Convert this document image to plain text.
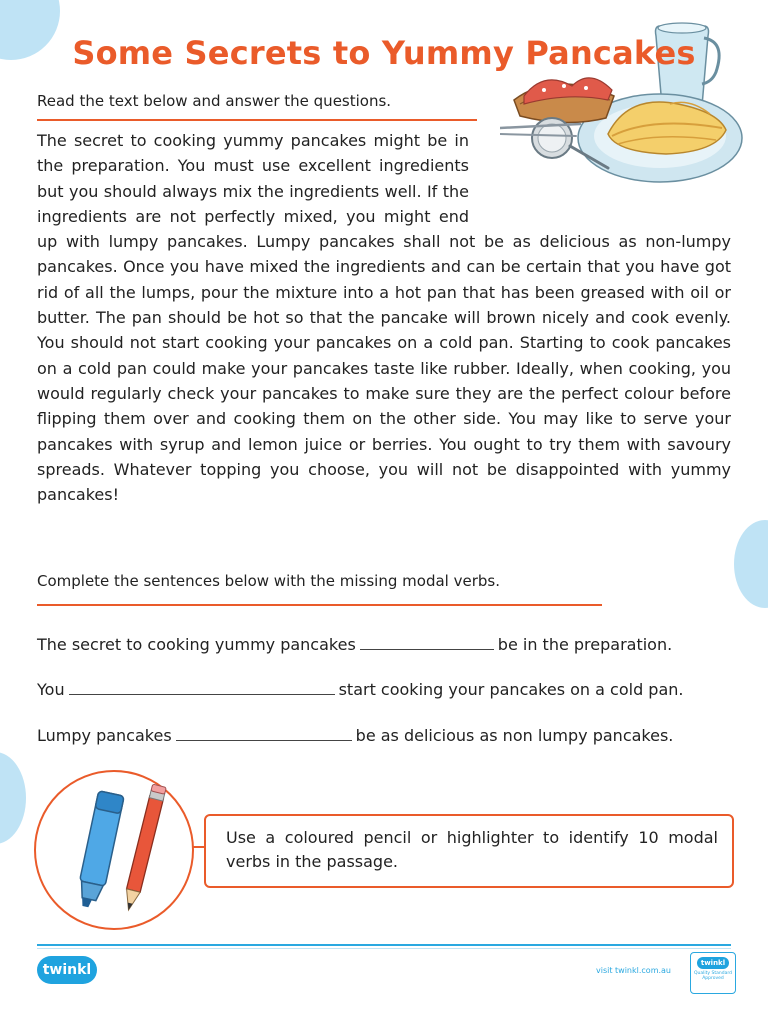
Some Secrets to Yummy Pancakes
Read the text below and answer the questions.

The secret to cooking yummy pancakes might be in the preparation. You must use excellent ingredients but you should always mix the ingredients well. If the ingredients are not perfectly mixed, you might end up with lumpy pancakes. Lumpy pancakes shall not be as delicious as non-lumpy pancakes. Once you have mixed the ingredients and can be certain that you have got rid of all the lumps, pour the mixture into a hot pan that has been greased with oil or butter. The pan should be hot so that the pancake will brown nicely and cook evenly. You should not start cooking your pancakes on a cold pan. Starting to cook pancakes on a cold pan could make your pancakes taste like rubber. Ideally, when cooking, you would regularly check your pancakes to make sure they are the perfect colour before flipping them over and cooking them on the other side. You may like to serve your pancakes with syrup and lemon juice or berries. You ought to try them with savoury spreads. Whatever topping you choose, you will not be disappointed with yummy pancakes!

Complete the sentences below with the missing modal verbs.
The secret to cooking yummy pancakes	be in the preparation.
You	start cooking your pancakes on a cold pan.
Lumpy pancakes	be as delicious as non lumpy pancakes.
Use a coloured pencil or highlighter to identify 10 modal verbs in the passage.
twinkl	visit twinkl.com.au
twinkl
Quality Standard Approved
